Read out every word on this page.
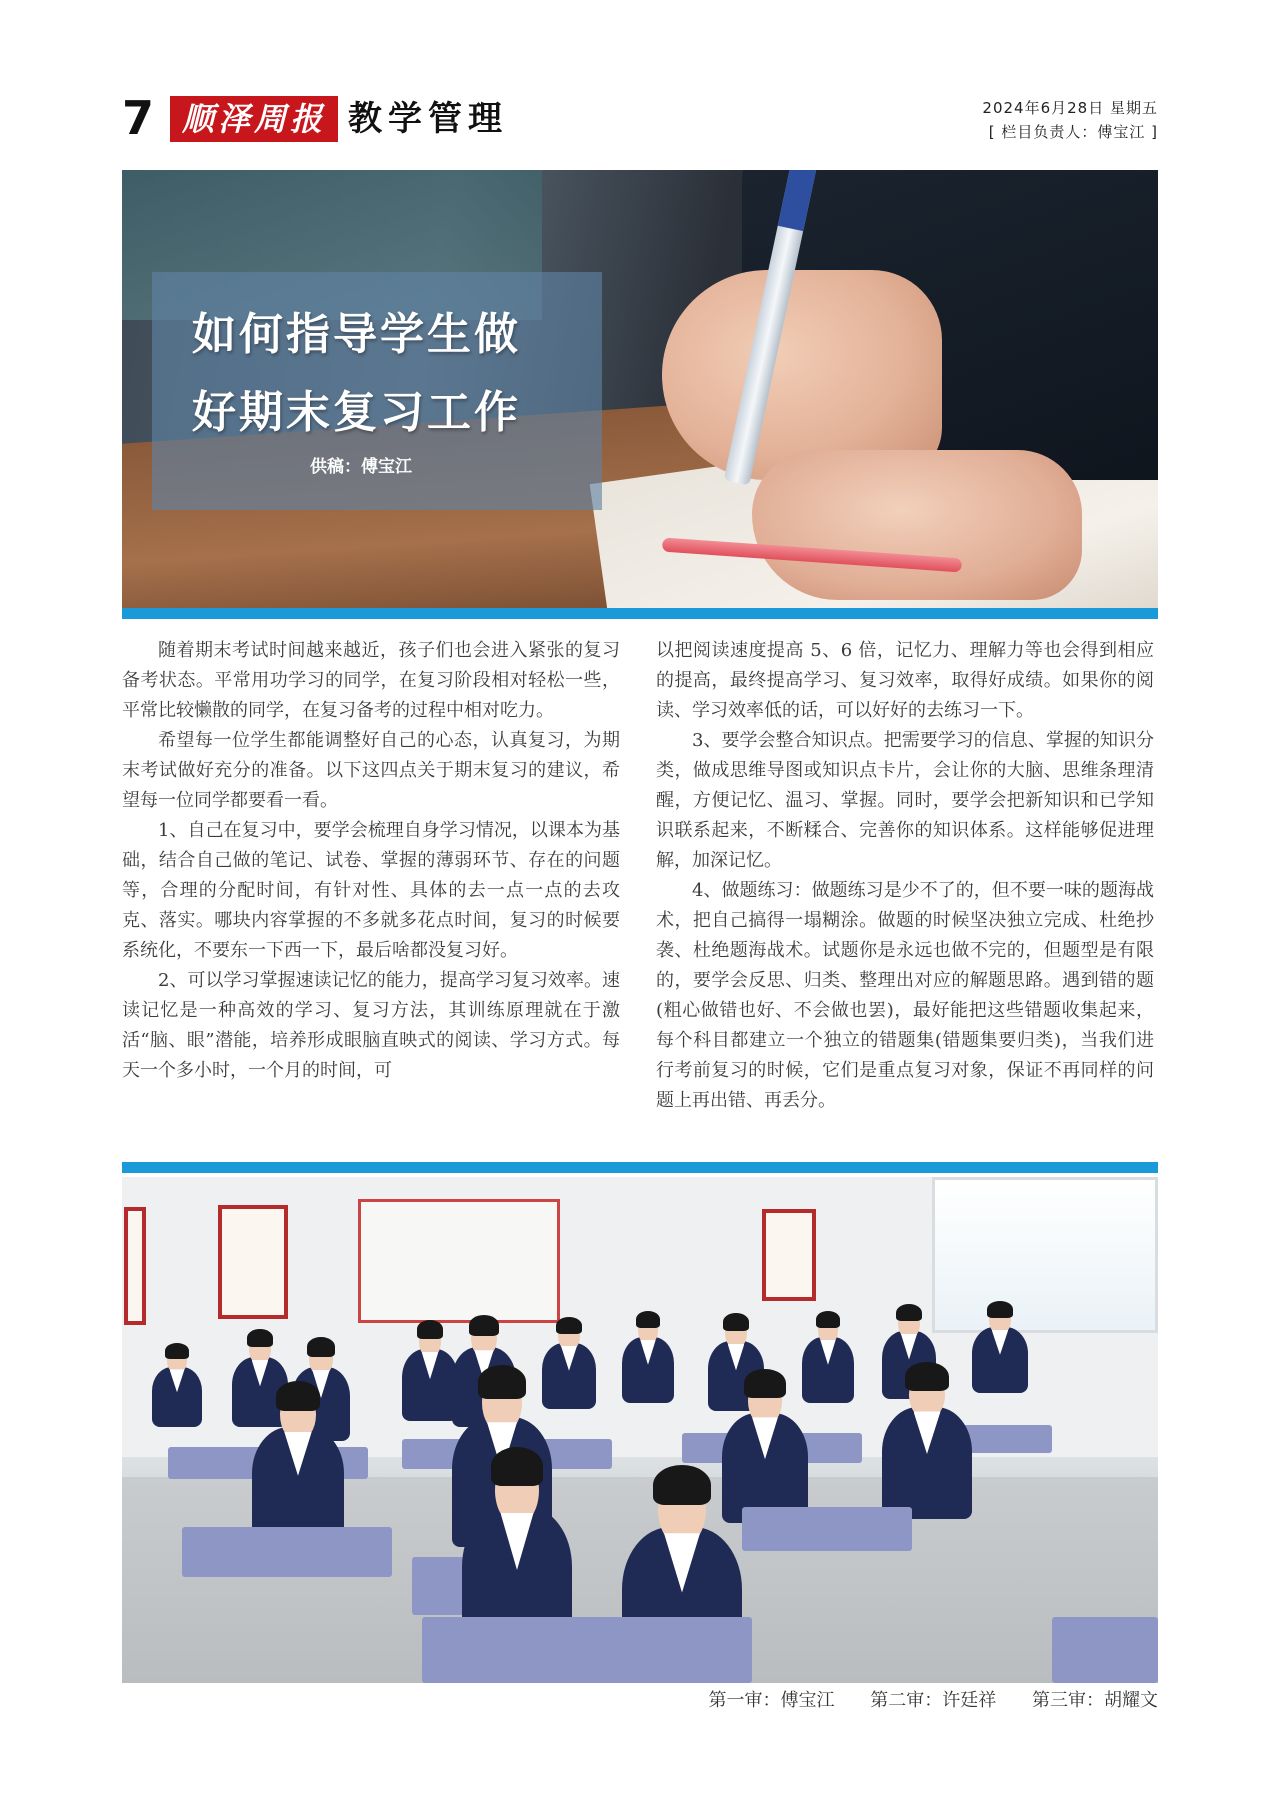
7 顺泽周报 教学管理	2024年6月28日 星期五
[ 栏目负责人：傅宝江 ]
如何指导学生做
好期末复习工作
供稿：傅宝江

随着期末考试时间越来越近，孩子们也会进入紧张的复习备考状态。平常用功学习的同学，在复习阶段相对轻松一些，平常比较懒散的同学，在复习备考的过程中相对吃力。

希望每一位学生都能调整好自己的心态，认真复习，为期末考试做好充分的准备。以下这四点关于期末复习的建议，希望每一位同学都要看一看。

1、自己在复习中，要学会梳理自身学习情况，以课本为基础，结合自己做的笔记、试卷、掌握的薄弱环节、存在的问题等，合理的分配时间，有针对性、具体的去一点一点的去攻克、落实。哪块内容掌握的不多就多花点时间，复习的时候要系统化，不要东一下西一下，最后啥都没复习好。

2、可以学习掌握速读记忆的能力，提高学习复习效率。速读记忆是一种高效的学习、复习方法，其训练原理就在于激活“脑、眼”潜能，培养形成眼脑直映式的阅读、学习方式。每天一个多小时，一个月的时间，可

以把阅读速度提高 5、6 倍，记忆力、理解力等也会得到相应的提高，最终提高学习、复习效率，取得好成绩。如果你的阅读、学习效率低的话，可以好好的去练习一下。

3、要学会整合知识点。把需要学习的信息、掌握的知识分类，做成思维导图或知识点卡片，会让你的大脑、思维条理清醒，方便记忆、温习、掌握。同时，要学会把新知识和已学知识联系起来，不断糅合、完善你的知识体系。这样能够促进理解，加深记忆。

4、做题练习：做题练习是少不了的，但不要一味的题海战术，把自己搞得一塌糊涂。做题的时候坚决独立完成、杜绝抄袭、杜绝题海战术。试题你是永远也做不完的，但题型是有限的，要学会反思、归类、整理出对应的解题思路。遇到错的题(粗心做错也好、不会做也罢)，最好能把这些错题收集起来，每个科目都建立一个独立的错题集(错题集要归类)，当我们进行考前复习的时候，它们是重点复习对象，保证不再同样的问题上再出错、再丢分。

第一审：傅宝江 第二审：许廷祥 第三审：胡耀文
